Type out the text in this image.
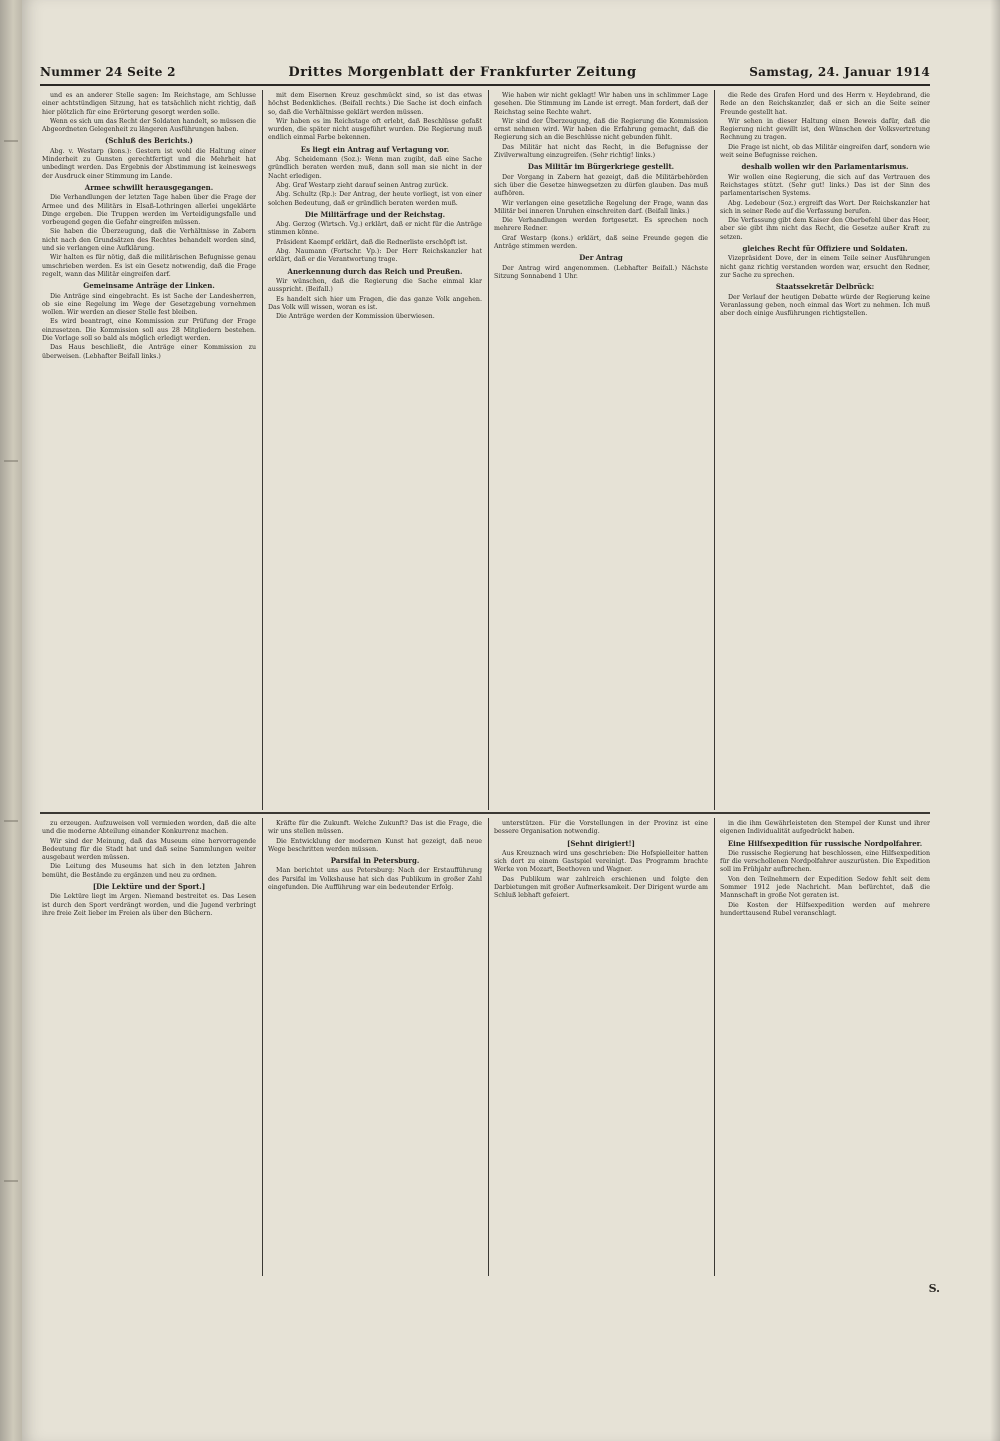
Nummer 24 Seite 2	Drittes Morgenblatt der Frankfurter Zeitung	Samstag, 24. Januar 1914

und es an anderer Stelle sagen: Im Reichstage, am Schlusse einer achtstündigen Sitzung, hat es tatsächlich nicht richtig, daß hier plötzlich für eine Erörterung gesorgt werden solle.

Wenn es sich um das Recht der Soldaten handelt, so müssen die Abgeordneten Gelegenheit zu längeren Ausführungen haben.

(Schluß des Berichts.)

Abg. v. Westarp (kons.): Gestern ist wohl die Haltung einer Minderheit zu Gunsten gerechtfertigt und die Mehrheit hat unbedingt werden. Das Ergebnis der Abstimmung ist keineswegs der Ausdruck einer Stimmung im Lande.

Armee schwillt herausgegangen.

Die Verhandlungen der letzten Tage haben über die Frage der Armee und des Militärs in Elsaß-Lothringen allerlei ungeklärte Dinge ergeben. Die Truppen werden im Verteidigungsfalle und vorbeugend gegen die Gefahr eingreifen müssen.

Sie haben die Überzeugung, daß die Verhältnisse in Zabern nicht nach den Grundsätzen des Rechtes behandelt worden sind, und sie verlangen eine Aufklärung.

Wir halten es für nötig, daß die militärischen Befugnisse genau umschrieben werden. Es ist ein Gesetz notwendig, daß die Frage regelt, wann das Militär eingreifen darf.

Gemeinsame Anträge der Linken.

Die Anträge sind eingebracht. Es ist Sache der Landesherren, ob sie eine Regelung im Wege der Gesetzgebung vornehmen wollen. Wir werden an dieser Stelle fest bleiben.

Es wird beantragt, eine Kommission zur Prüfung der Frage einzusetzen. Die Kommission soll aus 28 Mitgliedern bestehen. Die Vorlage soll so bald als möglich erledigt werden.

Das Haus beschließt, die Anträge einer Kommission zu überweisen. (Lebhafter Beifall links.)

mit dem Eisernen Kreuz geschmückt sind, so ist das etwas höchst Bedenkliches. (Beifall rechts.) Die Sache ist doch einfach so, daß die Verhältnisse geklärt werden müssen.

Wir haben es im Reichstage oft erlebt, daß Beschlüsse gefaßt wurden, die später nicht ausgeführt wurden. Die Regierung muß endlich einmal Farbe bekennen.

Es liegt ein Antrag auf Vertagung vor.

Abg. Scheidemann (Soz.): Wenn man zugibt, daß eine Sache gründlich beraten werden muß, dann soll man sie nicht in der Nacht erledigen.

Abg. Graf Westarp zieht darauf seinen Antrag zurück.

Abg. Schultz (Rp.): Der Antrag, der heute vorliegt, ist von einer solchen Bedeutung, daß er gründlich beraten werden muß.

Die Militärfrage und der Reichstag.

Abg. Gerzog (Wirtsch. Vg.) erklärt, daß er nicht für die Anträge stimmen könne.

Präsident Kaempf erklärt, daß die Rednerliste erschöpft ist.

Abg. Naumann (Fortschr. Vp.): Der Herr Reichskanzler hat erklärt, daß er die Verantwortung trage.

Anerkennung durch das Reich und Preußen.

Wir wünschen, daß die Regierung die Sache einmal klar ausspricht. (Beifall.)

Es handelt sich hier um Fragen, die das ganze Volk angehen. Das Volk will wissen, woran es ist.

Die Anträge werden der Kommission überwiesen.

Wie haben wir nicht geklagt! Wir haben uns in schlimmer Lage gesehen. Die Stimmung im Lande ist erregt. Man fordert, daß der Reichstag seine Rechte wahrt.

Wir sind der Überzeugung, daß die Regierung die Kommission ernst nehmen wird. Wir haben die Erfahrung gemacht, daß die Regierung sich an die Beschlüsse nicht gebunden fühlt.

Das Militär hat nicht das Recht, in die Befugnisse der Zivilverwaltung einzugreifen. (Sehr richtig! links.)

Das Militär im Bürgerkriege gestellt.

Der Vorgang in Zabern hat gezeigt, daß die Militärbehörden sich über die Gesetze hinwegsetzen zu dürfen glauben. Das muß aufhören.

Wir verlangen eine gesetzliche Regelung der Frage, wann das Militär bei inneren Unruhen einschreiten darf. (Beifall links.)

Die Verhandlungen werden fortgesetzt. Es sprechen noch mehrere Redner.

Graf Westarp (kons.) erklärt, daß seine Freunde gegen die Anträge stimmen werden.

Der Antrag

Der Antrag wird angenommen. (Lebhafter Beifall.) Nächste Sitzung Sonnabend 1 Uhr.

die Rede des Grafen Hord und des Herrn v. Heydebrand, die Rede an den Reichskanzler, daß er sich an die Seite seiner Freunde gestellt hat.

Wir sehen in dieser Haltung einen Beweis dafür, daß die Regierung nicht gewillt ist, den Wünschen der Volksvertretung Rechnung zu tragen.

Die Frage ist nicht, ob das Militär eingreifen darf, sondern wie weit seine Befugnisse reichen.

deshalb wollen wir den Parlamentarismus.

Wir wollen eine Regierung, die sich auf das Vertrauen des Reichstages stützt. (Sehr gut! links.) Das ist der Sinn des parlamentarischen Systems.

Abg. Ledebour (Soz.) ergreift das Wort. Der Reichskanzler hat sich in seiner Rede auf die Verfassung berufen.

Die Verfassung gibt dem Kaiser den Oberbefehl über das Heer, aber sie gibt ihm nicht das Recht, die Gesetze außer Kraft zu setzen.

gleiches Recht für Offiziere und Soldaten.

Vizepräsident Dove, der in einem Teile seiner Ausführungen nicht ganz richtig verstanden worden war, ersucht den Redner, zur Sache zu sprechen.

Staatssekretär Delbrück:

Der Verlauf der heutigen Debatte würde der Regierung keine Veranlassung geben, noch einmal das Wort zu nehmen. Ich muß aber doch einige Ausführungen richtigstellen.

zu erzeugen. Aufzuweisen voll vermieden worden, daß die alte und die moderne Abteilung einander Konkurrenz machen.

Wir sind der Meinung, daß das Museum eine hervorragende Bedeutung für die Stadt hat und daß seine Sammlungen weiter ausgebaut werden müssen.

Die Leitung des Museums hat sich in den letzten Jahren bemüht, die Bestände zu ergänzen und neu zu ordnen.

[Die Lektüre und der Sport.]

Die Lektüre liegt im Argen. Niemand bestreitet es. Das Lesen ist durch den Sport verdrängt worden, und die Jugend verbringt ihre freie Zeit lieber im Freien als über den Büchern.

Kräfte für die Zukunft. Welche Zukunft? Das ist die Frage, die wir uns stellen müssen.

Die Entwicklung der modernen Kunst hat gezeigt, daß neue Wege beschritten werden müssen.

Parsifal in Petersburg.

Man berichtet uns aus Petersburg: Nach der Erstaufführung des Parsifal im Volkshause hat sich das Publikum in großer Zahl eingefunden. Die Aufführung war ein bedeutender Erfolg.

unterstützen. Für die Vorstellungen in der Provinz ist eine bessere Organisation notwendig.

[Sehnt dirigiert!]

Aus Kreuznach wird uns geschrieben: Die Hofspielleiter hatten sich dort zu einem Gastspiel vereinigt. Das Programm brachte Werke von Mozart, Beethoven und Wagner.

Das Publikum war zahlreich erschienen und folgte den Darbietungen mit großer Aufmerksamkeit. Der Dirigent wurde am Schluß lebhaft gefeiert.

in die ihm Gewährleisteten den Stempel der Kunst und ihrer eigenen Individualität aufgedrückt haben.

Eine Hilfsexpedition für russische Nordpolfahrer.

Die russische Regierung hat beschlossen, eine Hilfsexpedition für die verschollenen Nordpolfahrer auszurüsten. Die Expedition soll im Frühjahr aufbrechen.

Von den Teilnehmern der Expedition Sedow fehlt seit dem Sommer 1912 jede Nachricht. Man befürchtet, daß die Mannschaft in große Not geraten ist.

Die Kosten der Hilfsexpedition werden auf mehrere hunderttausend Rubel veranschlagt.

S.
